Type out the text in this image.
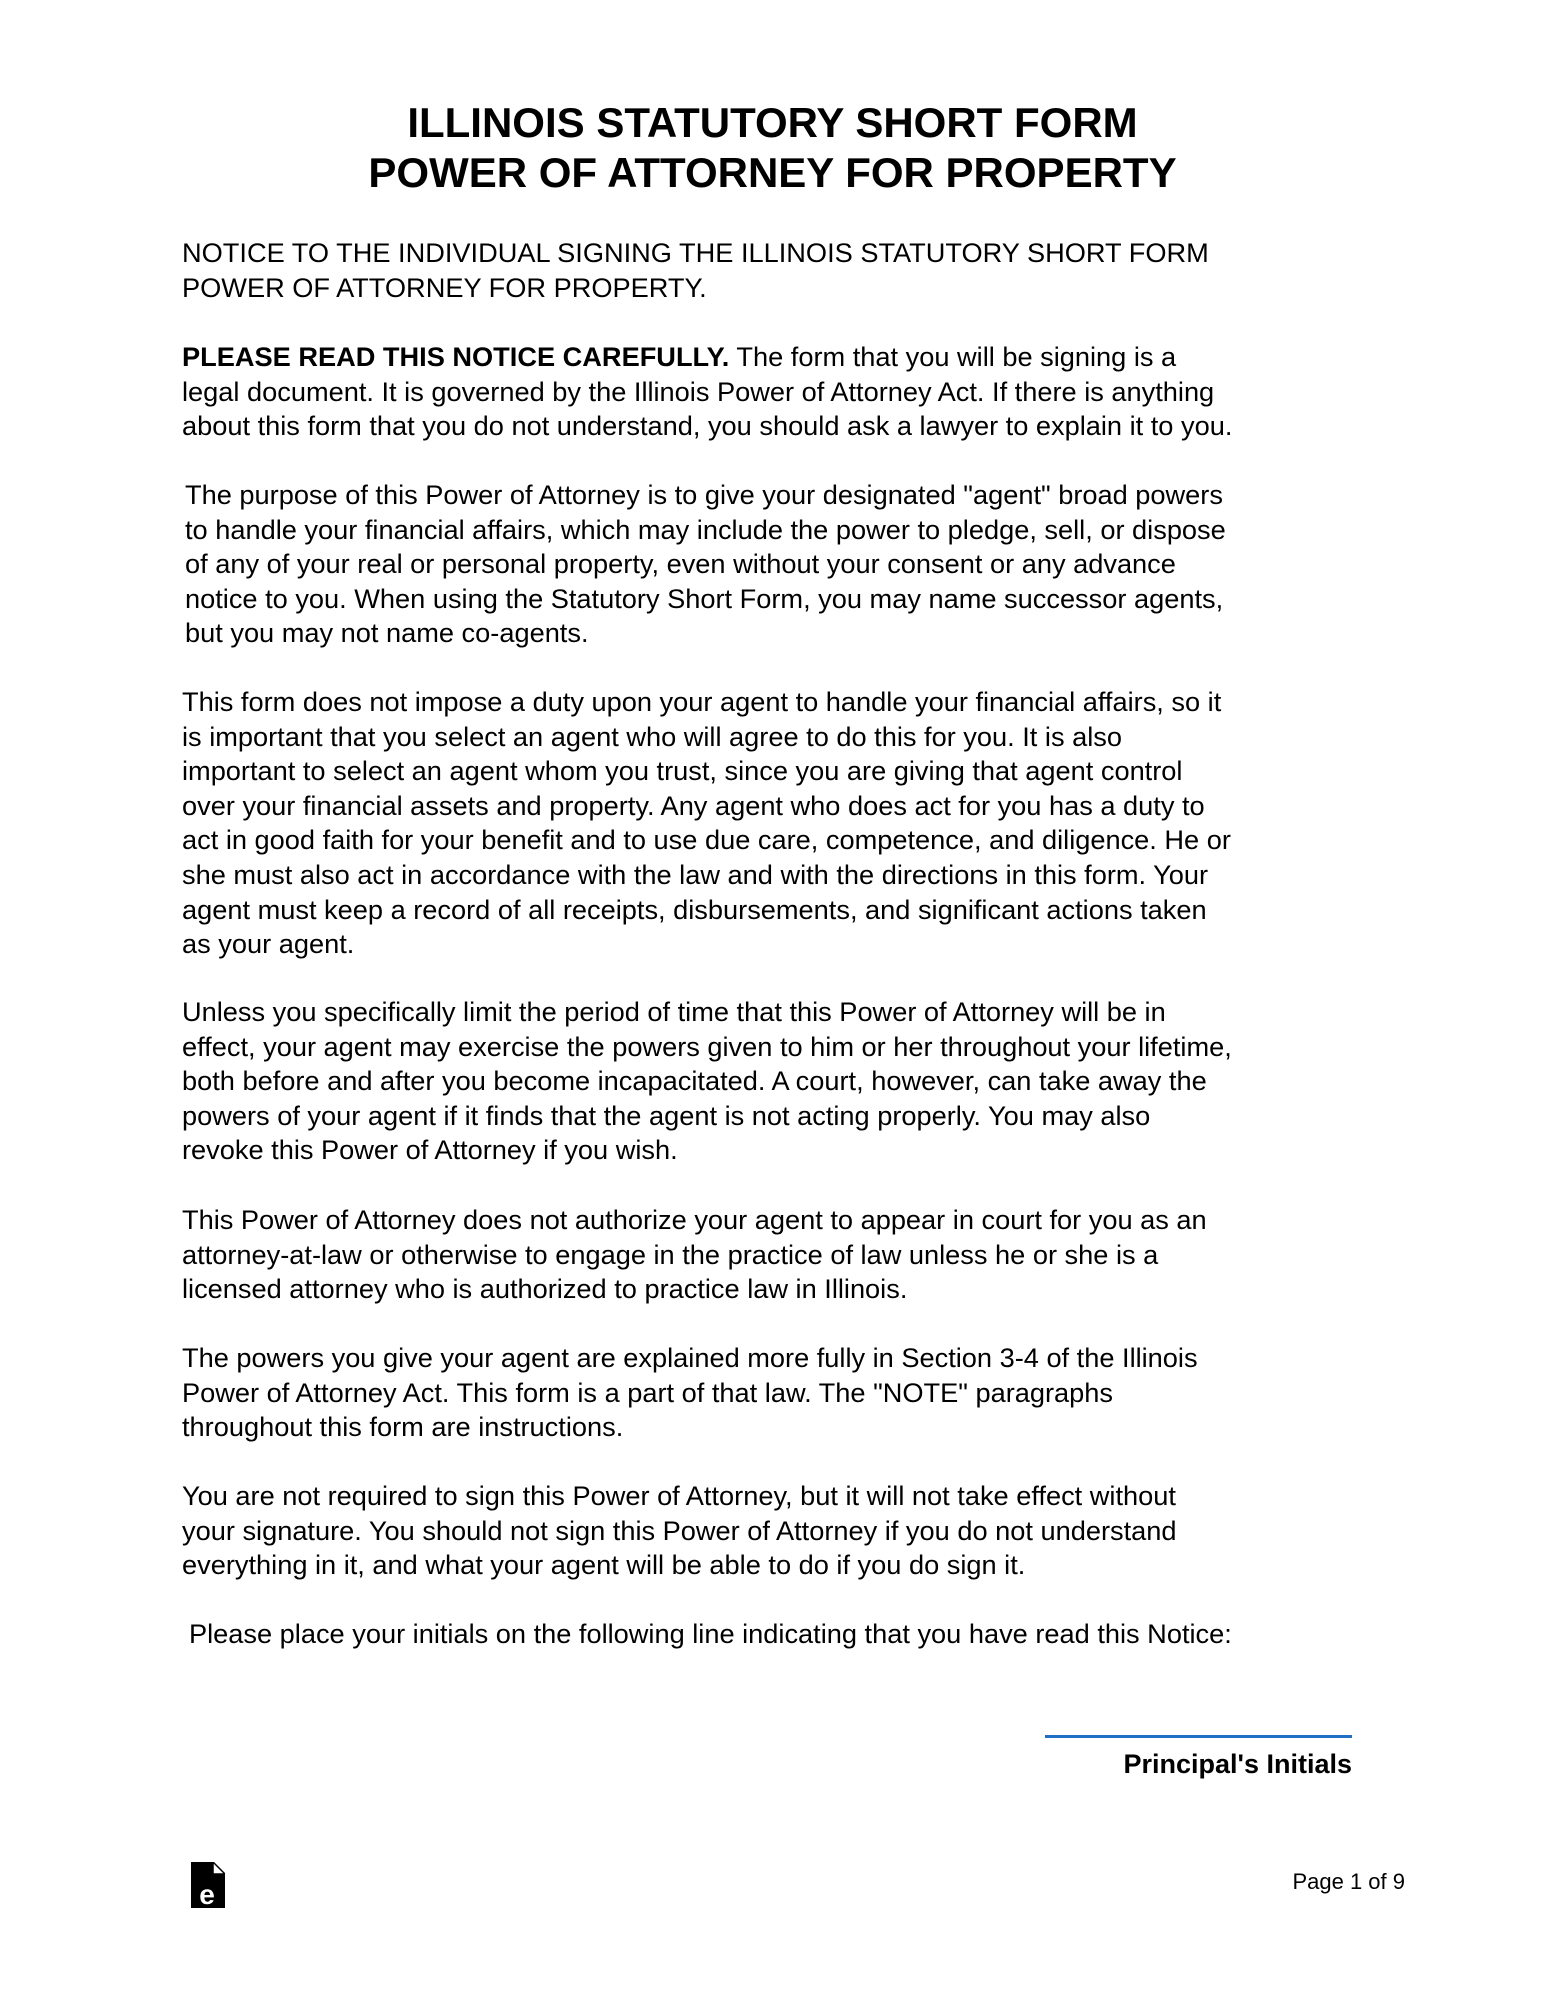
ILLINOIS STATUTORY SHORT FORM
POWER OF ATTORNEY FOR PROPERTY
NOTICE TO THE INDIVIDUAL SIGNING THE ILLINOIS STATUTORY SHORT FORM
POWER OF ATTORNEY FOR PROPERTY.
PLEASE READ THIS NOTICE CAREFULLY. The form that you will be signing is a
legal document. It is governed by the Illinois Power of Attorney Act. If there is anything
about this form that you do not understand, you should ask a lawyer to explain it to you.
The purpose of this Power of Attorney is to give your designated "agent" broad powers
to handle your financial affairs, which may include the power to pledge, sell, or dispose
of any of your real or personal property, even without your consent or any advance
notice to you. When using the Statutory Short Form, you may name successor agents,
but you may not name co-agents.
This form does not impose a duty upon your agent to handle your financial affairs, so it
is important that you select an agent who will agree to do this for you. It is also
important to select an agent whom you trust, since you are giving that agent control
over your financial assets and property. Any agent who does act for you has a duty to
act in good faith for your benefit and to use due care, competence, and diligence. He or
she must also act in accordance with the law and with the directions in this form. Your
agent must keep a record of all receipts, disbursements, and significant actions taken
as your agent.
Unless you specifically limit the period of time that this Power of Attorney will be in
effect, your agent may exercise the powers given to him or her throughout your lifetime,
both before and after you become incapacitated. A court, however, can take away the
powers of your agent if it finds that the agent is not acting properly. You may also
revoke this Power of Attorney if you wish.
This Power of Attorney does not authorize your agent to appear in court for you as an
attorney-at-law or otherwise to engage in the practice of law unless he or she is a
licensed attorney who is authorized to practice law in Illinois.
The powers you give your agent are explained more fully in Section 3-4 of the Illinois
Power of Attorney Act. This form is a part of that law. The "NOTE" paragraphs
throughout this form are instructions.
You are not required to sign this Power of Attorney, but it will not take effect without
your signature. You should not sign this Power of Attorney if you do not understand
everything in it, and what your agent will be able to do if you do sign it.
Please place your initials on the following line indicating that you have read this Notice:
Principal's Initials
e	Page 1 of 9
